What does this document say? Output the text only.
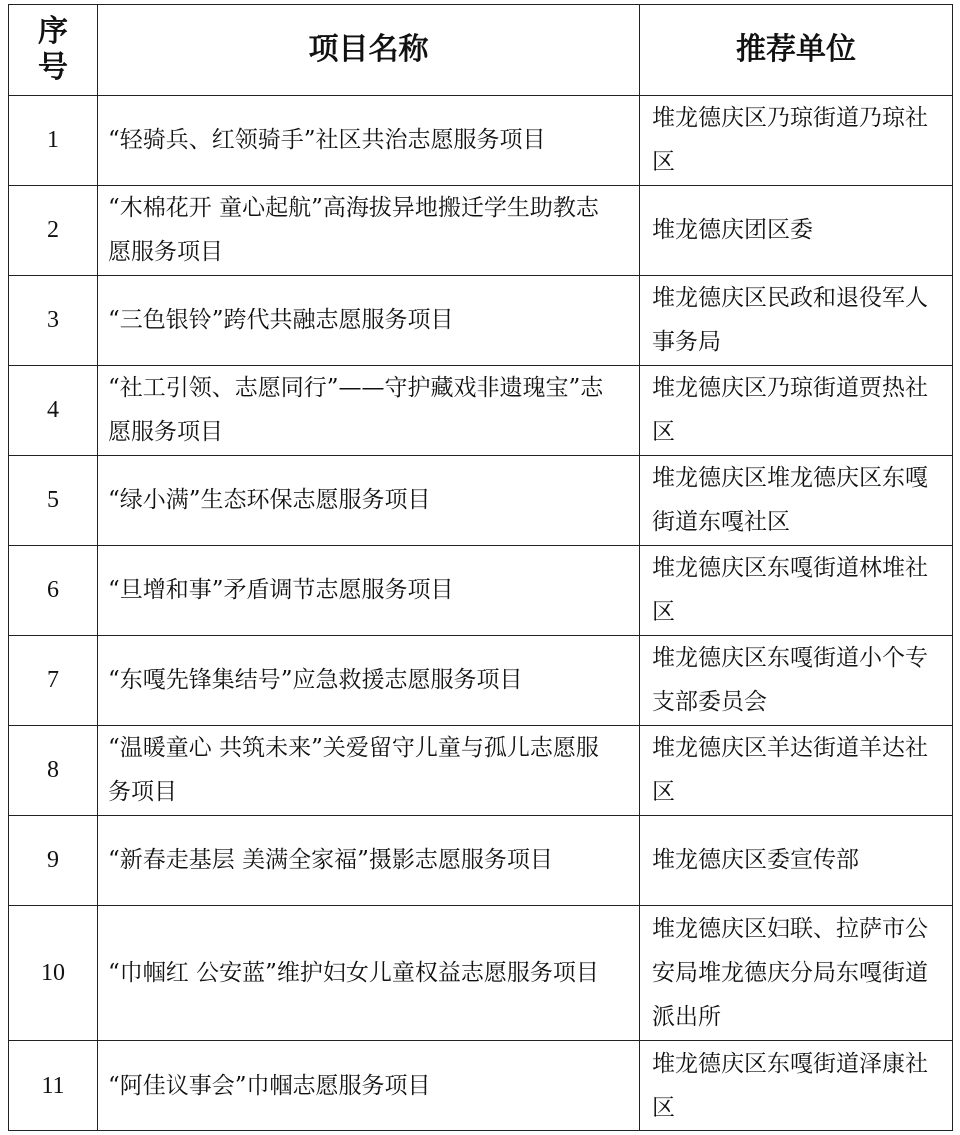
序号	项目名称	推荐单位
1	“轻骑兵、红领骑手”社区共治志愿服务项目	堆龙德庆区乃琼街道乃琼社区
2	“木棉花开 童心起航”高海拔异地搬迁学生助教志愿服务项目	堆龙德庆团区委
3	“三色银铃”跨代共融志愿服务项目	堆龙德庆区民政和退役军人事务局
4	“社工引领、志愿同行”——守护藏戏非遗瑰宝”志愿服务项目	堆龙德庆区乃琼街道贾热社区
5	“绿小满”生态环保志愿服务项目	堆龙德庆区堆龙德庆区东嘎街道东嘎社区
6	“旦增和事”矛盾调节志愿服务项目	堆龙德庆区东嘎街道林堆社区
7	“东嘎先锋集结号”应急救援志愿服务项目	堆龙德庆区东嘎街道小个专支部委员会
8	“温暖童心 共筑未来”关爱留守儿童与孤儿志愿服务项目	堆龙德庆区羊达街道羊达社区
9	“新春走基层 美满全家福”摄影志愿服务项目	堆龙德庆区委宣传部
10	“巾帼红 公安蓝”维护妇女儿童权益志愿服务项目	堆龙德庆区妇联、拉萨市公安局堆龙德庆分局东嘎街道派出所
11	“阿佳议事会”巾帼志愿服务项目	堆龙德庆区东嘎街道泽康社区
